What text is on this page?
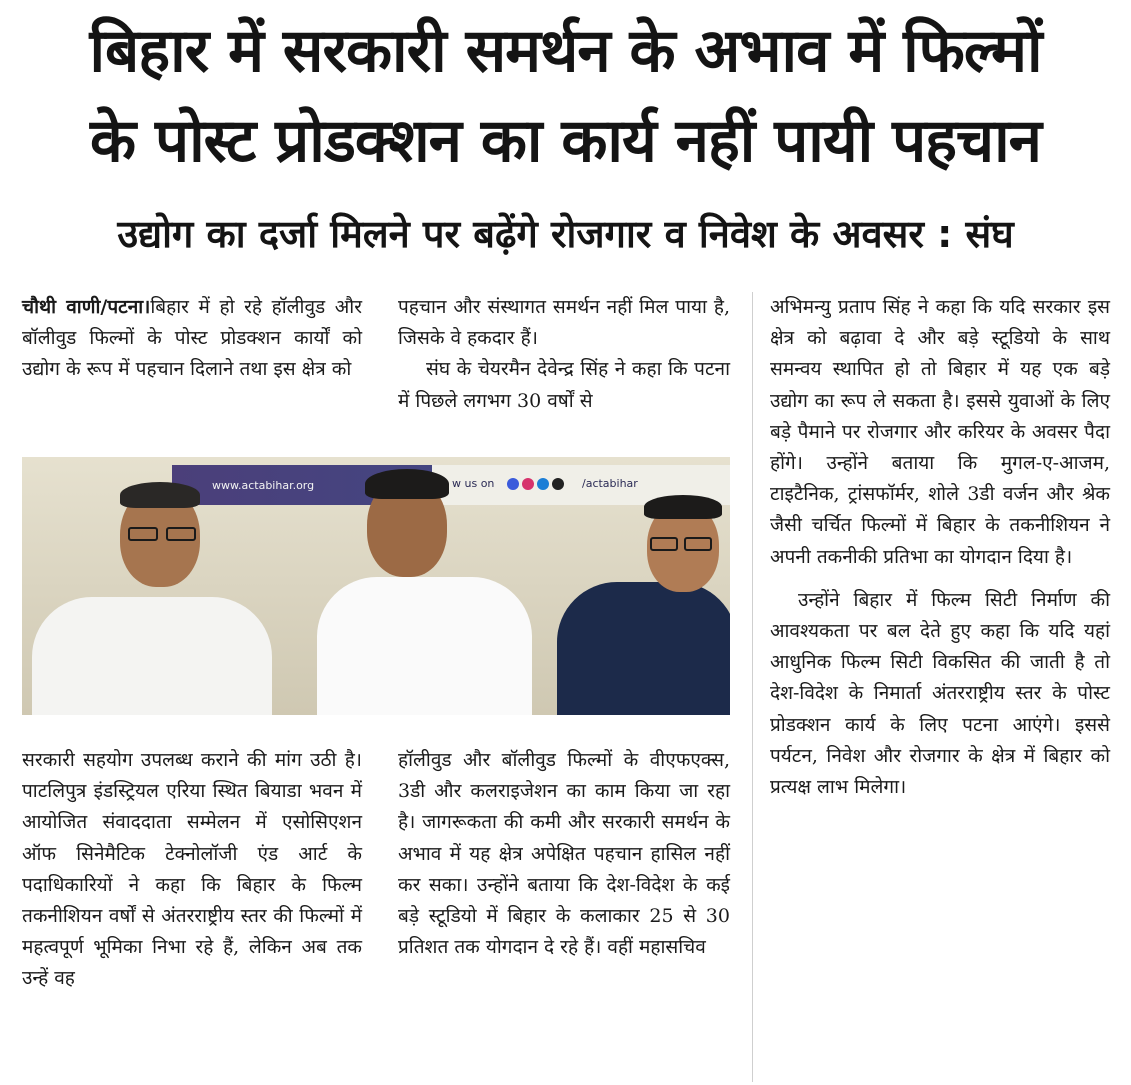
बिहार में सरकारी समर्थन के अभाव में फिल्मों
के पोस्ट प्रोडक्शन का कार्य नहीं पायी पहचान
उद्योग का दर्जा मिलने पर बढ़ेंगे रोजगार व निवेश के अवसर : संघ

चौथी वाणी/पटना।बिहार में हो रहे हॉलीवुड और बॉलीवुड फिल्मों के पोस्ट प्रोडक्शन कार्यों को उद्योग के रूप में पहचान दिलाने तथा इस क्षेत्र को

पहचान और संस्थागत समर्थन नहीं मिल पाया है, जिसके वे हकदार हैं।

संघ के चेयरमैन देवेन्द्र सिंह ने कहा कि पटना में पिछले लगभग 30 वर्षों से

www.actabihar.org	w us on	/actabihar

सरकारी सहयोग उपलब्ध कराने की मांग उठी है। पाटलिपुत्र इंडस्ट्रियल एरिया स्थित बियाडा भवन में आयोजित संवाददाता सम्मेलन में एसोसिएशन ऑफ सिनेमैटिक टेक्नोलॉजी एंड आर्ट के पदाधिकारियों ने कहा कि बिहार के फिल्म तकनीशियन वर्षों से अंतरराष्ट्रीय स्तर की फिल्मों में महत्वपूर्ण भूमिका निभा रहे हैं, लेकिन अब तक उन्हें वह

हॉलीवुड और बॉलीवुड फिल्मों के वीएफएक्स, 3डी और कलराइजेशन का काम किया जा रहा है। जागरूकता की कमी और सरकारी समर्थन के अभाव में यह क्षेत्र अपेक्षित पहचान हासिल नहीं कर सका। उन्होंने बताया कि देश-विदेश के कई बड़े स्टूडियो में बिहार के कलाकार 25 से 30 प्रतिशत तक योगदान दे रहे हैं। वहीं महासचिव

अभिमन्यु प्रताप सिंह ने कहा कि यदि सरकार इस क्षेत्र को बढ़ावा दे और बड़े स्टूडियो के साथ समन्वय स्थापित हो तो बिहार में यह एक बड़े उद्योग का रूप ले सकता है। इससे युवाओं के लिए बड़े पैमाने पर रोजगार और करियर के अवसर पैदा होंगे। उन्होंने बताया कि मुगल-ए-आजम, टाइटैनिक, ट्रांसफॉर्मर, शोले 3डी वर्जन और श्रेक जैसी चर्चित फिल्मों में बिहार के तकनीशियन ने अपनी तकनीकी प्रतिभा का योगदान दिया है।

उन्होंने बिहार में फिल्म सिटी निर्माण की आवश्यकता पर बल देते हुए कहा कि यदि यहां आधुनिक फिल्म सिटी विकसित की जाती है तो देश-विदेश के निमार्ता अंतरराष्ट्रीय स्तर के पोस्ट प्रोडक्शन कार्य के लिए पटना आएंगे। इससे पर्यटन, निवेश और रोजगार के क्षेत्र में बिहार को प्रत्यक्ष लाभ मिलेगा।
